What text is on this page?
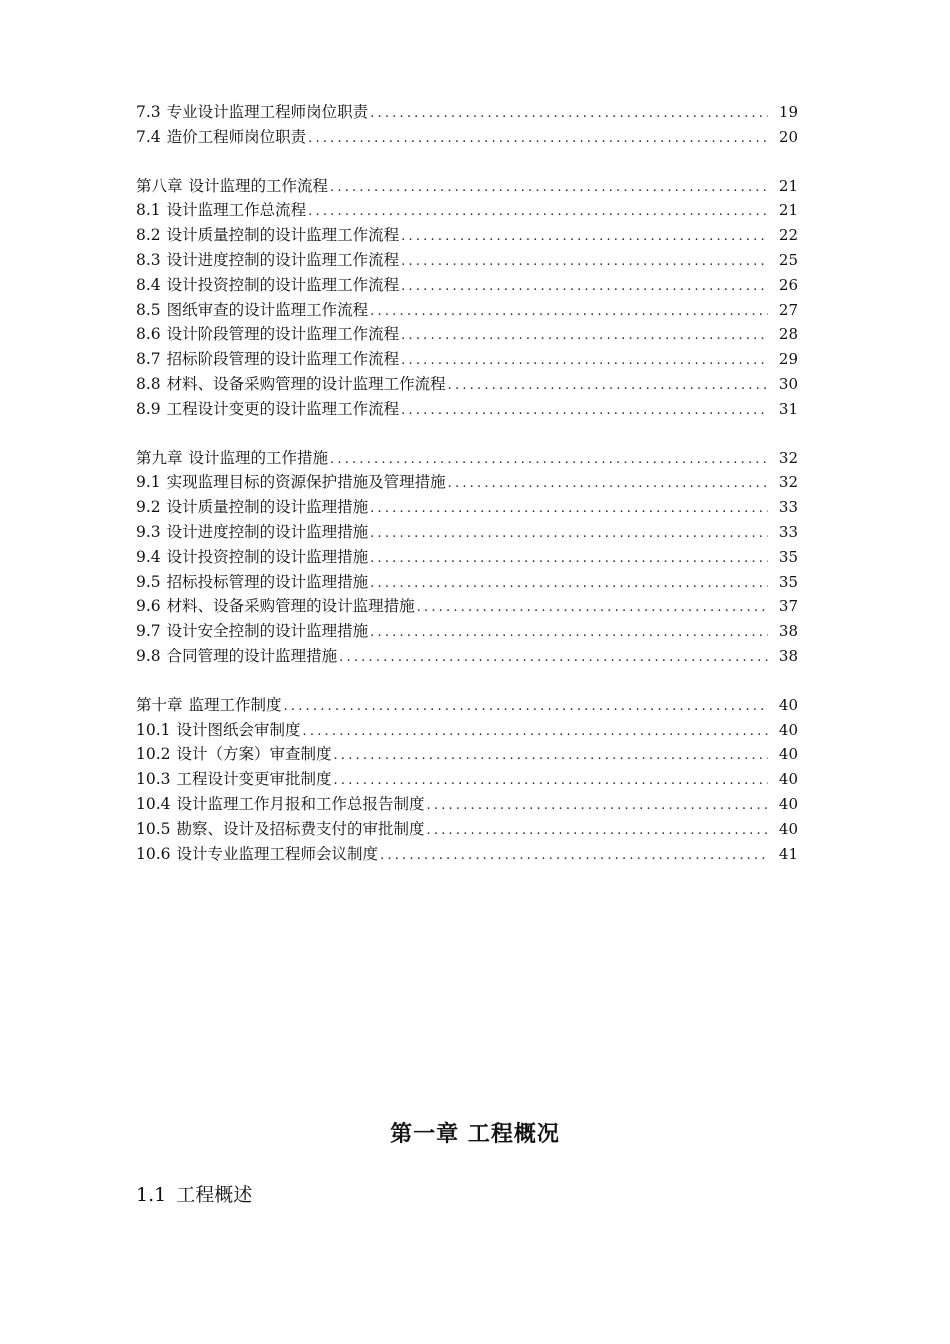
7.3 专业设计监理工程师岗位职责 .....	19
7.4 造价工程师岗位职责 .....	20
第八章 设计监理的工作流程 .....	21
8.1 设计监理工作总流程 .....	21
8.2 设计质量控制的设计监理工作流程 .....	22
8.3 设计进度控制的设计监理工作流程 .....	25
8.4 设计投资控制的设计监理工作流程 .....	26
8.5 图纸审查的设计监理工作流程 .....	27
8.6 设计阶段管理的设计监理工作流程 .....	28
8.7 招标阶段管理的设计监理工作流程 .....	29
8.8 材料、设备采购管理的设计监理工作流程 .....	30
8.9 工程设计变更的设计监理工作流程 .....	31
第九章 设计监理的工作措施 .....	32
9.1 实现监理目标的资源保护措施及管理措施 .....	32
9.2 设计质量控制的设计监理措施 .....	33
9.3 设计进度控制的设计监理措施 .....	33
9.4 设计投资控制的设计监理措施 .....	35
9.5 招标投标管理的设计监理措施 .....	35
9.6 材料、设备采购管理的设计监理措施 .....	37
9.7 设计安全控制的设计监理措施 .....	38
9.8 合同管理的设计监理措施 .....	38
第十章 监理工作制度 .....	40
10.1 设计图纸会审制度 .....	40
10.2 设计（方案）审查制度 .....	40
10.3 工程设计变更审批制度 .....	40
10.4 设计监理工作月报和工作总报告制度 .....	40
10.5 勘察、设计及招标费支付的审批制度 .....	40
10.6 设计专业监理工程师会议制度 .....	41
第一章 工程概况
1.1 工程概述
